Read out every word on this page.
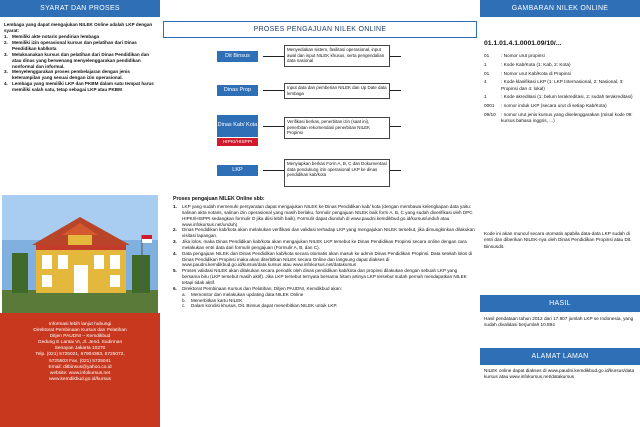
SYARAT DAN PROSES
Lembaga yang dapat mengajukan NILEK Online adalah LKP dengan syarat:
1. Memiliki akte notaris pendirian lembaga
2. Memiliki izin operasional kursus dan pelatihan dari Dinas Pendidikan kab/kota
3. Melaksanakan kursus dan pelatihan dari Dinas Pendidikan dan atau dinas yang berwenang menyelenggarakan pendidikan nonformal dan informal.
3. Menyelenggarakan proses pembelajaran dengan jenis keterampilan yang sesuai dengan izin operasional.
4. Lembaga yang memiliki LKP dan PKBM dalam satu tempat harus memiliki salah satu, tetap sebagai LKP atau PKBM
Informasi lebih lanjut hubungi
Direktorat Pembinaan Kursus dan Pelatihan
Ditjen PAUDNI – Kemdikbud
Gedung E Lantai VI, Jl. Jend. Sudirman
Senayan Jakarta 10270
Telp. (021) 5725021, 57904363, 5725072,
5725503 Fax. (021) 5725041
Email: ditbinsus@yahoo.co.id
website: www.infokursus.net
www.kemdikbud.go.id/kursus
PROSES PENGAJUAN NILEK ONLINE
Dit Binsus
Menyediakan sistem, fasilitasi operasional, input awal dan input NILEK khusus, serta pengendalian data nasional
Dinas Prop	Input data dan pemberian NILEK dan Up Date data lembaga
Dinas Kab/ Kota
Verifikasi berkas, penerbitan izin (saat ini), penerbitan rekomendasi penerbitan NILEK Propinsi
HIPKI/HISPPI
LKP
Menyiapkan berkas Form A, B, C dan Dokumentasi data pendukung izin operasional LKP ke dinas pendidikan kab/kota
Proses pengajuan NILEK Online sbb:
1.	LKP yang sudah memenuhi persyaratan dapat mengajukan NILEK ke Dinas Pendidikan kab/ kota (dengan membawa kelengkapan data yaitu: salinan akta notaris, salinan izin operasional yang masih berlaku, formulir pengajuan NILEK baik form A, B, C yang sudah diverifikasi oleh DPC HIPKI/HISPPI sedangkan formulir D jika diisi lebih baik). Formulir dapat diunduh di www.paudni.kemdikbud.go.id/kursus/unduh atau www.infokursus.net/unduh)
2.	Dinas Pendidikan kab/kota akan melakukan verifikasi dan validasi terhadap LKP yang mengajukan NILEK tersebut, jika dimungkinkan dilakukan visitasi lapangan.
3.	Jika lolos, maka Dinas Pendidikan kab/kota akan mengajukan NILEK LKP tersebut ke Dinas Pendidikan Propinsi secara online dengan cara melakukan entri data dari formulir pengajuan (Formulir A, B, dan C).
4.	Data pengajuan NILEK dari Dinas Pendidikan kab/kota secara otomatis akan masuk ke admin Dinas Pendidikan Propinsi. Data setelah lolos di Dinas Pendidikan Propinsi maka akan diterbitkan NILEK secara Online dan langsung dapat diakses di www.paudni.kemdikbud.go.id/kursus/data kursus atau www.infokursus.net/datakursus
5.	Proses validasi NILEK akan dilakukan secara periodik oleh dinas pendidikan kab/kota dan propinsi dilakukan dengan sebuah LKP yang bersama biru (LKP tersebut masih aktif). Jika LKP tersebut ternyata bersama hitam artinya LKP tersebut sudah pernah mendapatkan NILEK tetapi tidak aktif.
6.	Direktorat Pembinaan Kursus dan Pelatihan, Ditjen PAUDNI, Kemdikbud akan:
a.	Memonitor dan melakukan updating data NILEK Online
b.	Menerbitkan kartu NILEK
c.	Dalam kondisi khusus, Dit. Binsus dapat menerbitkan NILEK untuk LKP.
GAMBARAN NILEK ONLINE
01.1.01.4.1.0001.09/10/...
01	: Nomor urut propinsi
1	: Kode Kab/Kota (1: Kab, 2: Kota)
01	: Nomor urut Kab/Kota di Propinsi
4	: Kode klasifikasi LKP (1: LKP Internasional, 2: Nasional, 3: Propinsi dan 4: lokal)
1	: Kode akreditasi (1: belum terakreditasi, 2: sudah terakreditasi)
0001	: nomor induk LKP (secara urut di setiap Kab/Kota)
09/10	: nomor urut jenis kursus yang diselenggarakan (misal kode 09: kursus bahasa inggris, ...)
Kode ini akan muncul secara otomatis apabila data-data LKP sudah di entri dan diberikan NILEK-nya oleh Dinas Pendidikan Propinsi atau Dit. Binsusdit.
HASIL
Hasil pendataan tahun 2012 dari 17.807 jumlah LKP se Indonesia, yang sudah divalidasi berjumlah 10.894
ALAMAT LAMAN
NILEK online dapat diakses di www.paudni.kemdikbud.go.id/kursus/data kursus atau www.infokursus.net/datakursus
